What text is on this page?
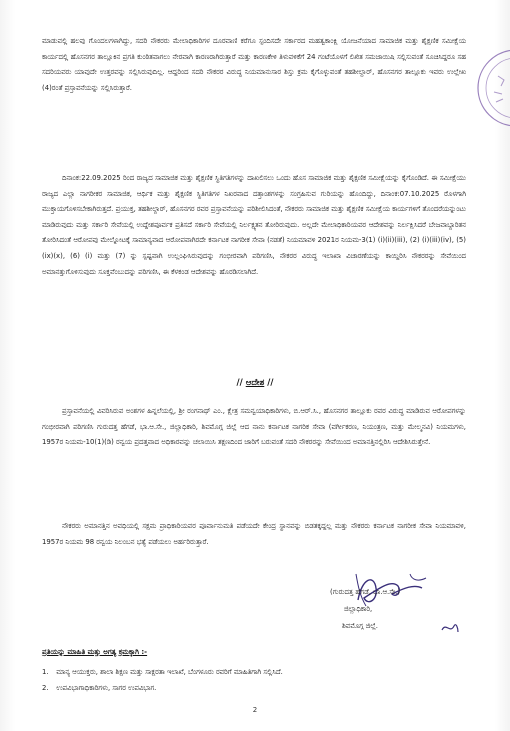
ಮಾಡುವಲ್ಲಿ ಹಲವು ಗೊಂದಲಗಳಾಗಿದ್ದು, ಸದರಿ ನೌಕರರು ಮೇಲಾಧಿಕಾರಿಗಳ ದೂರವಾಣಿ ಕರೆಗೂ ಸ್ಪಂದಿಸದೇ ಸರ್ಕಾರದ ಮಹತ್ವಕಾಂಕ್ಷಿ ಯೋಜನೆಯಾದ ಸಾಮಾಜಿಕ ಮತ್ತು ಶೈಕ್ಷಣಿಕ ಸಮೀಕ್ಷೆಯ ಕಾರ್ಯದಲ್ಲಿ ಹೊಸನಗರ ತಾಲ್ಲೂಕಿನ ಪ್ರಗತಿ ಕುಂಠಿತವಾಗಲು ನೇರವಾಗಿ ಕಾರಣರಾಗಿರುತ್ತಾರೆ ಮತ್ತು ಕಾರಣಕೇಳಿ ತಿಳುವಳಿಕೆಗೆ 24 ಗಂಟೆಯೊಳಗೆ ಲಿಖಿತ ಸಮಜಾಯಿಷಿ ಸಲ್ಲಿಸುವಂತೆ ಸೂಚಿಸಿದ್ದರೂ ಸಹ ಸದರಿಯವರು ಯಾವುದೇ ಉತ್ತರವನ್ನು ಸಲ್ಲಿಸಿರುವುದಿಲ್ಲ. ಆದ್ದರಿಂದ ಸದರಿ ನೌಕರರ ವಿರುದ್ಧ ನಿಯಮಾನುಸಾರ ಶಿಸ್ತು ಕ್ರಮ ಕೈಗೊಳ್ಳುವಂತೆ ತಹಶೀಲ್ದಾರ್, ಹೊಸನಗರ ತಾಲ್ಲೂಕು ಇವರು ಉಲ್ಲೇಖ (4)ರಂತೆ ಪ್ರಸ್ತಾವನೆಯನ್ನು ಸಲ್ಲಿಸಿರುತ್ತಾರೆ.
ದಿನಾಂಕ:22.09.2025 ರಿಂದ ರಾಜ್ಯದ ಸಾಮಾಜಿಕ ಮತ್ತು ಶೈಕ್ಷಣಿಕ ಸ್ಥಿತಿಗತಿಗಳನ್ನು ದಾಖಲಿಸಲು ಒಂದು ಹೊಸ ಸಾಮಾಜಿಕ ಮತ್ತು ಶೈಕ್ಷಣಿಕ ಸಮೀಕ್ಷೆಯನ್ನು ಕೈಗೊಂಡಿದೆ. ಈ ಸಮೀಕ್ಷೆಯು ರಾಜ್ಯದ ಎಲ್ಲಾ ನಾಗರೀಕರ ಸಾಮಾಜಿಕ, ಆರ್ಥಿಕ ಮತ್ತು ಶೈಕ್ಷಣಿಕ ಸ್ಥಿತಿಗತಿಗಳ ನಿಖರವಾದ ದತ್ತಾಂಶಗಳನ್ನು ಸಂಗ್ರಹಿಸುವ ಗುರಿಯನ್ನು ಹೊಂದಿದ್ದು, ದಿನಾಂಕ:07.10.2025 ರೊಳಗಾಗಿ ಮುಕ್ತಾಯಗೊಳಿಸಬೇಕಾಗಿರುತ್ತದೆ. ಪ್ರಯುಕ್ತ, ತಹಶೀಲ್ದಾರ್, ಹೊಸನಗರ ರವರ ಪ್ರಸ್ತಾವನೆಯನ್ನು ಪರಿಶೀಲಿಸಿದಂತೆ, ನೌಕರರು ಸಾಮಾಜಿಕ ಮತ್ತು ಶೈಕ್ಷಣಿಕ ಸಮೀಕ್ಷೆಯ ಕಾರ್ಯಗಳಿಗೆ ತೊಂದರೆಯನ್ನುಂಟು ಮಾಡಿರುವುದು ಮತ್ತು ಸರ್ಕಾರಿ ಸೇವೆಯಲ್ಲಿ ಉದ್ದೇಶಪೂರ್ವಕ ಪ್ರತಿಸದೆ ಸರ್ಕಾರಿ ಸೇವೆಯಲ್ಲಿ ನಿರ್ಲಕ್ಷ್ಯತನ ತೋರಿರುವುದು. ಅಲ್ಲದೇ ಮೇಲಾಧಿಕಾರಿಯವರ ಆದೇಶವನ್ನು ನಿರ್ಲಕ್ಷಿಸಿದರೆ ಬೇಜವಾಬ್ದಾರಿತನ ತೋರಿಸಿದಂತೆ ಆರೋಪವು ಮೇಲ್ನೋಟಕ್ಕೆ ಸಾಮಾನ್ಯವಾದ ಆರೋಪವಾಗಿರದೇ ಕರ್ನಾಟಕ ನಾಗರೀಕ ಸೇವಾ (ನಡತೆ) ನಿಯಮಾವಳಿ 2021ರ ನಿಯಮ-3(1) (i)(ii)(iii), (2) (i)(iii)(iv), (5) (ix)(x), (6) (i) ಮತ್ತು (7) ನ್ನು ಸ್ಪಷ್ಟವಾಗಿ ಉಲ್ಲಂಘಿಸಿರುವುದನ್ನು ಗಂಭೀರವಾಗಿ ಪರಿಗಣಿಸಿ, ನೌಕರರ ವಿರುದ್ಧ ಇಲಾಖಾ ವಿಚಾರಣೆಯನ್ನು ಕಾಯ್ದಿರಿಸಿ ನೌಕರರನ್ನು ಸೇವೆಯಿಂದ ಅಮಾನತ್ತುಗೊಳಿಸುವುದು ಸೂಕ್ತವೆಂಬುದನ್ನು ಪರಿಗಣಿಸಿ, ಈ ಕೆಳಕಂಡ ಆದೇಶವನ್ನು ಹೊರಡಿಸಲಾಗಿದೆ.
// ಆದೇಶ //
ಪ್ರಸ್ತಾವನೆಯಲ್ಲಿ ವಿವರಿಸಿರುವ ಅಂಶಗಳ ಹಿನ್ನಲೆಯಲ್ಲಿ, ಶ್ರೀ ರಂಗನಾಥ್ ಎಂ., ಕ್ಷೇತ್ರ ಸಮನ್ವಯಾಧಿಕಾರಿಗಳು, ಬಿ.ಆರ್.ಸಿ., ಹೊಸನಗರ ತಾಲ್ಲೂಕು ರವರ ವಿರುದ್ಧ ಮಾಡಿರುವ ಆರೋಪಗಳನ್ನು ಗಂಭೀರವಾಗಿ ಪರಿಗಣಿಸಿ ಗುರುದತ್ತ ಹೆಗಡೆ, ಭಾ.ಆ.ಸೇ., ಜಿಲ್ಲಾಧಿಕಾರಿ, ಶಿವಮೊಗ್ಗ ಜಿಲ್ಲೆ ಆದ ನಾನು ಕರ್ನಾಟಕ ನಾಗರಿಕ ಸೇವಾ (ವರ್ಗೀಕರಣ, ನಿಯಂತ್ರಣ, ಮತ್ತು ಮೇಲ್ಮನವಿ) ನಿಯಮಗಳು, 1957ರ ನಿಯಮ-10(1)(ಡಿ) ರನ್ವಯ ಪ್ರದತ್ತವಾದ ಅಧಿಕಾರವನ್ನು ಚಲಾಯಿಸಿ ತಕ್ಷಣದಿಂದ ಜಾರಿಗೆ ಬರುವಂತೆ ಸದರಿ ನೌಕರರನ್ನು ಸೇವೆಯಿಂದ ಅಮಾನತ್ತಿನಲ್ಲಿರಿಸಿ ಆದೇಶಿಸಿರುತ್ತೇನೆ.
ನೌಕರರು ಅಮಾನತ್ತಿನ ಅವಧಿಯಲ್ಲಿ ಸಕ್ಷಮ ಪ್ರಾಧಿಕಾರಿಯವರ ಪೂರ್ವಾನುಮತಿ ಪಡೆಯದೇ ಕೇಂದ್ರ ಸ್ಥಾನವನ್ನು ಬಿಡತಕ್ಕದ್ದಲ್ಲ ಮತ್ತು ನೌಕರರು ಕರ್ನಾಟಕ ನಾಗರೀಕ ಸೇವಾ ನಿಯಮಾವಳಿ, 1957ರ ನಿಯಮ 98 ರನ್ವಯ ನಿಲಂಬನ ಭತ್ಯೆ ಪಡೆಯಲು ಅರ್ಹರಿರುತ್ತಾರೆ.
(ಗುರುದತ್ತ ಹೆಗಡೆ, ಭಾ.ಆ.ಸೇ.)
ಜಿಲ್ಲಾಧಿಕಾರಿ,
ಶಿವಮೊಗ್ಗ ಜಿಲ್ಲೆ.
ಪ್ರತಿಯನ್ನು ಮಾಹಿತಿ ಮತ್ತು ಅಗತ್ಯ ಕ್ರಮಕ್ಕಾಗಿ :-
1. ಮಾನ್ಯ ಆಯುಕ್ತರು, ಶಾಲಾ ಶಿಕ್ಷಣ ಮತ್ತು ಸಾಕ್ಷರತಾ ಇಲಾಖೆ, ಬೆಂಗಳೂರು ರವರಿಗೆ ಮಾಹಿತಿಗಾಗಿ ಸಲ್ಲಿಸಿದೆ.
2. ಉಪವಿಭಾಗಾಧಿಕಾರಿಗಳು, ಸಾಗರ ಉಪವಿಭಾಗ.
2
